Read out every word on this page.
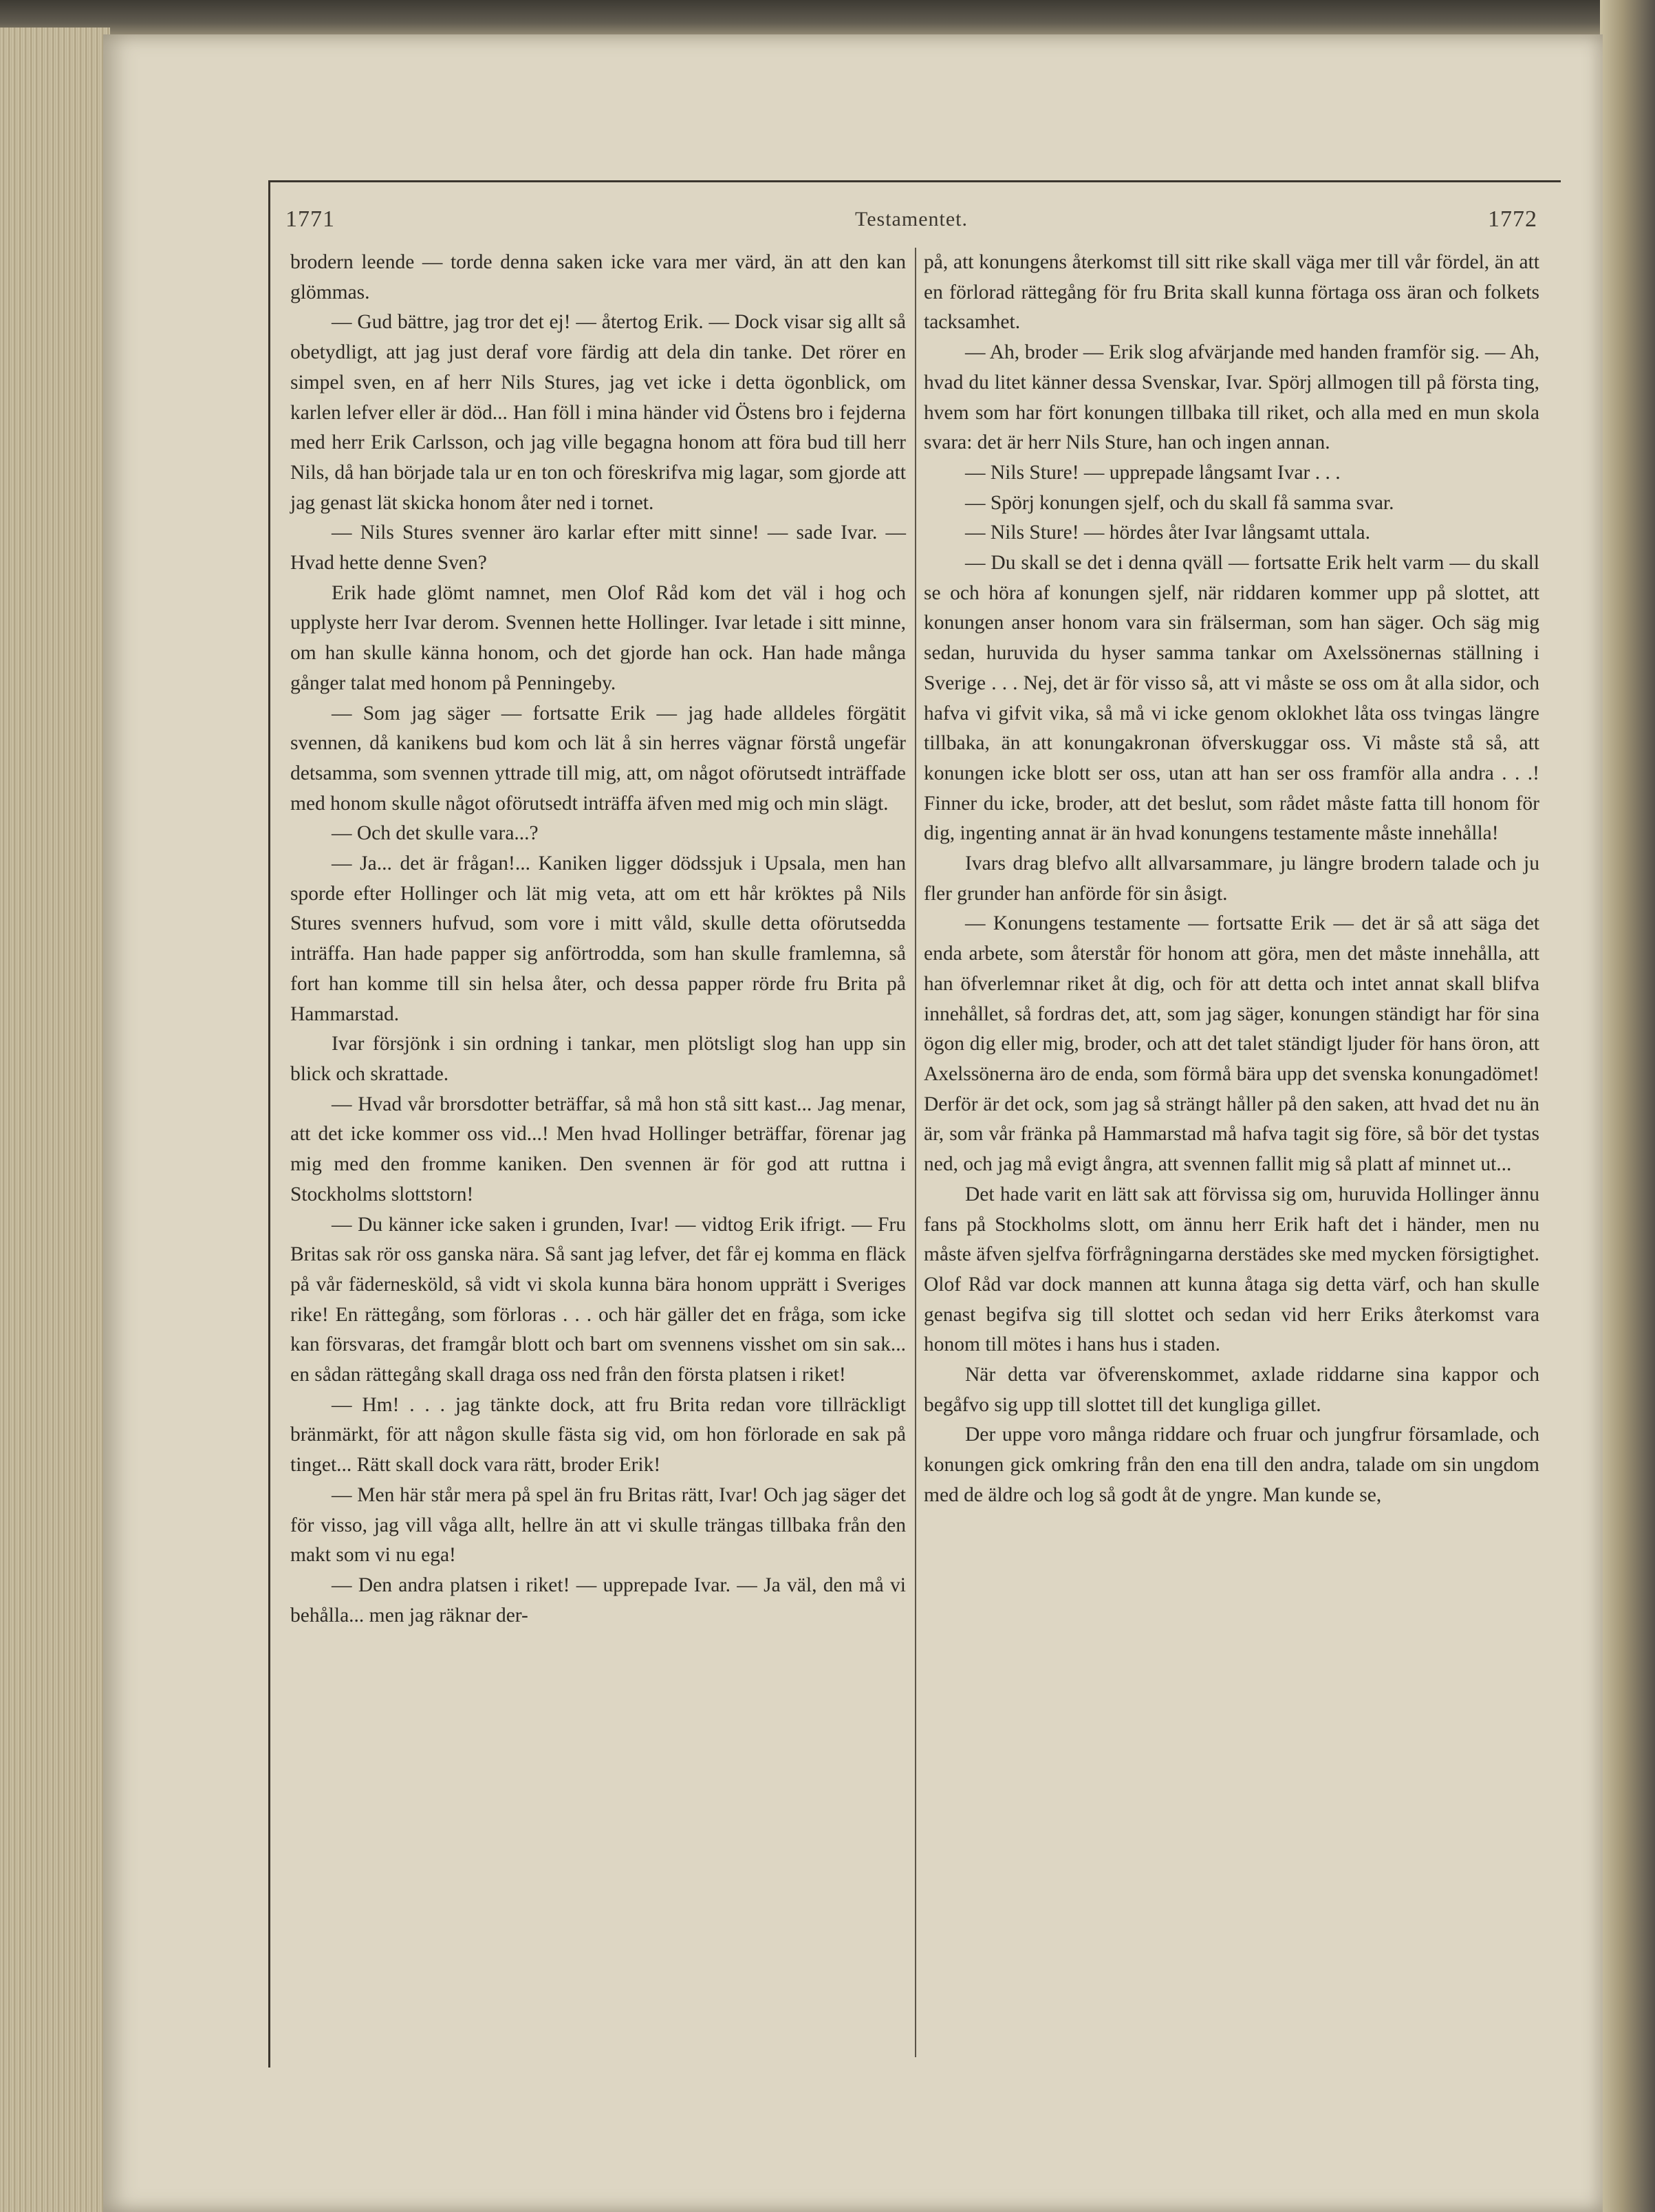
1771	Testamentet.	1772

brodern leende — torde denna saken icke vara mer värd, än att den kan glömmas.

— Gud bättre, jag tror det ej! — återtog Erik. — Dock visar sig allt så obetydligt, att jag just deraf vore färdig att dela din tanke. Det rörer en simpel sven, en af herr Nils Stures, jag vet icke i detta ögonblick, om karlen lefver eller är död... Han föll i mina händer vid Östens bro i fejderna med herr Erik Carlsson, och jag ville begagna honom att föra bud till herr Nils, då han började tala ur en ton och föreskrifva mig lagar, som gjorde att jag genast lät skicka honom åter ned i tornet.

— Nils Stures svenner äro karlar efter mitt sinne! — sade Ivar. — Hvad hette denne Sven?

Erik hade glömt namnet, men Olof Råd kom det väl i hog och upplyste herr Ivar derom. Svennen hette Hollinger. Ivar letade i sitt minne, om han skulle känna honom, och det gjorde han ock. Han hade många gånger talat med honom på Penningeby.

— Som jag säger — fortsatte Erik — jag hade alldeles förgätit svennen, då kanikens bud kom och lät å sin herres vägnar förstå ungefär detsamma, som svennen yttrade till mig, att, om något oförutsedt inträffade med honom skulle något oförutsedt inträffa äfven med mig och min slägt.

— Och det skulle vara...?

— Ja... det är frågan!... Kaniken ligger dödssjuk i Upsala, men han sporde efter Hollinger och lät mig veta, att om ett hår kröktes på Nils Stures svenners hufvud, som vore i mitt våld, skulle detta oförutsedda inträffa. Han hade papper sig anförtrodda, som han skulle framlemna, så fort han komme till sin helsa åter, och dessa papper rörde fru Brita på Hammarstad.

Ivar försjönk i sin ordning i tankar, men plötsligt slog han upp sin blick och skrattade.

— Hvad vår brorsdotter beträffar, så må hon stå sitt kast... Jag menar, att det icke kommer oss vid...! Men hvad Hollinger beträffar, förenar jag mig med den fromme kaniken. Den svennen är för god att ruttna i Stockholms slottstorn!

— Du känner icke saken i grunden, Ivar! — vidtog Erik ifrigt. — Fru Britas sak rör oss ganska nära. Så sant jag lefver, det får ej komma en fläck på vår fädernesköld, så vidt vi skola kunna bära honom upprätt i Sveriges rike! En rättegång, som förloras . . . och här gäller det en fråga, som icke kan försvaras, det framgår blott och bart om svennens visshet om sin sak... en sådan rättegång skall draga oss ned från den första platsen i riket!

— Hm! . . . jag tänkte dock, att fru Brita redan vore tillräckligt bränmärkt, för att någon skulle fästa sig vid, om hon förlorade en sak på tinget... Rätt skall dock vara rätt, broder Erik!

— Men här står mera på spel än fru Britas rätt, Ivar! Och jag säger det för visso, jag vill våga allt, hellre än att vi skulle trängas tillbaka från den makt som vi nu ega!

— Den andra platsen i riket! — upprepade Ivar. — Ja väl, den må vi behålla... men jag räknar der-

på, att konungens återkomst till sitt rike skall väga mer till vår fördel, än att en förlorad rättegång för fru Brita skall kunna förtaga oss äran och folkets tacksamhet.

— Ah, broder — Erik slog afvärjande med handen framför sig. — Ah, hvad du litet känner dessa Svenskar, Ivar. Spörj allmogen till på första ting, hvem som har fört konungen tillbaka till riket, och alla med en mun skola svara: det är herr Nils Sture, han och ingen annan.

— Nils Sture! — upprepade långsamt Ivar . . .

— Spörj konungen sjelf, och du skall få samma svar.

— Nils Sture! — hördes åter Ivar långsamt uttala.

— Du skall se det i denna qväll — fortsatte Erik helt varm — du skall se och höra af konungen sjelf, när riddaren kommer upp på slottet, att konungen anser honom vara sin frälserman, som han säger. Och säg mig sedan, huruvida du hyser samma tankar om Axelssönernas ställning i Sverige . . . Nej, det är för visso så, att vi måste se oss om åt alla sidor, och hafva vi gifvit vika, så må vi icke genom oklokhet låta oss tvingas längre tillbaka, än att konungakronan öfverskuggar oss. Vi måste stå så, att konungen icke blott ser oss, utan att han ser oss framför alla andra . . .! Finner du icke, broder, att det beslut, som rådet måste fatta till honom för dig, ingenting annat är än hvad konungens testamente måste innehålla!

Ivars drag blefvo allt allvarsammare, ju längre brodern talade och ju fler grunder han anförde för sin åsigt.

— Konungens testamente — fortsatte Erik — det är så att säga det enda arbete, som återstår för honom att göra, men det måste innehålla, att han öfverlemnar riket åt dig, och för att detta och intet annat skall blifva innehållet, så fordras det, att, som jag säger, konungen ständigt har för sina ögon dig eller mig, broder, och att det talet ständigt ljuder för hans öron, att Axelssönerna äro de enda, som förmå bära upp det svenska konungadömet! Derför är det ock, som jag så strängt håller på den saken, att hvad det nu än är, som vår fränka på Hammarstad må hafva tagit sig före, så bör det tystas ned, och jag må evigt ångra, att svennen fallit mig så platt af minnet ut...

Det hade varit en lätt sak att förvissa sig om, huruvida Hollinger ännu fans på Stockholms slott, om ännu herr Erik haft det i händer, men nu måste äfven sjelfva förfrågningarna derstädes ske med mycken försigtighet. Olof Råd var dock mannen att kunna åtaga sig detta värf, och han skulle genast begifva sig till slottet och sedan vid herr Eriks återkomst vara honom till mötes i hans hus i staden.

När detta var öfverenskommet, axlade riddarne sina kappor och begåfvo sig upp till slottet till det kungliga gillet.

Der uppe voro många riddare och fruar och jungfrur församlade, och konungen gick omkring från den ena till den andra, talade om sin ungdom med de äldre och log så godt åt de yngre. Man kunde se,
